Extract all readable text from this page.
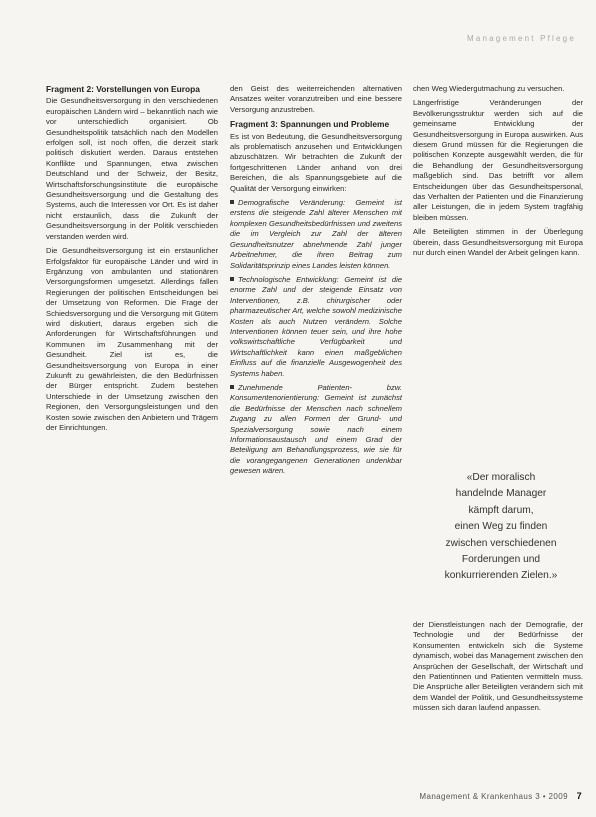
Management Pflege
Fragment 2: Vorstellungen von Europa

Die Gesundheitsversorgung in den verschiedenen europäischen Ländern wird – bekanntlich nach wie vor unterschiedlich organisiert. Ob Gesundheitspolitik tatsächlich nach den Modellen erfolgen soll, ist noch offen, die derzeit stark politisch diskutiert werden. Daraus entstehen Konflikte und Spannungen, etwa zwischen Deutschland und der Schweiz, der Besitz, Wirtschaftsforschungsinstitute die europäische Gesundheitsversorgung und die Gestaltung des Systems, auch die Interessen vor Ort. Es ist daher nicht erstaunlich, dass die Zukunft der Gesundheitsversorgung in der Politik verschieden verstanden werden wird.

Die Gesundheitsversorgung ist ein erstaunlicher Erfolgsfaktor für europäische Länder und wird in Ergänzung von ambulanten und stationären Versorgungsformen umgesetzt. Allerdings fallen Regierungen der politischen Entscheidungen bei der Umsetzung von Reformen. Die Frage der Schiedsversorgung und die Versorgung mit Gütern wird diskutiert, daraus ergeben sich die Anforderungen für Wirtschaftsführungen und Kommunen im Zusammenhang mit der Gesundheit. Ziel ist es, die Gesundheitsversorgung von Europa in einer Zukunft zu gewährleisten, die den Bedürfnissen der Bürger entspricht. Zudem bestehen Unterschiede in der Umsetzung zwischen den Regionen, den Versorgungsleistungen und den Kosten sowie zwischen den Anbietern und Trägern der Einrichtungen.

den Geist des weiterreichenden alternativen Ansatzes weiter voranzutreiben und eine bessere Versorgung anzustreben.

Fragment 3: Spannungen und Probleme

Es ist von Bedeutung, die Gesundheitsversorgung als problematisch anzusehen und Entwicklungen abzuschätzen. Wir betrachten die Zukunft der fortgeschrittenen Länder anhand von drei Bereichen, die als Spannungsgebiete auf die Qualität der Versorgung einwirken:

Demografische Veränderung: Gemeint ist erstens die steigende Zahl älterer Menschen mit komplexen Gesundheitsbedürfnissen und zweitens die im Vergleich zur Zahl der älteren Gesundheitsnutzer abnehmende Zahl junger Arbeitnehmer, die ihren Beitrag zum Solidaritätsprinzip eines Landes leisten können.

Technologische Entwicklung: Gemeint ist die enorme Zahl und der steigende Einsatz von Interventionen, z.B. chirurgischer oder pharmazeutischer Art, welche sowohl medizinische Kosten als auch Nutzen verändern. Solche Interventionen können teuer sein, und ihre hohe volkswirtschaftliche Verfügbarkeit und Wirtschaftlichkeit kann einen maßgeblichen Einfluss auf die finanzielle Ausgewogenheit des Systems haben.

Zunehmende Patienten- bzw. Konsumentenorientierung: Gemeint ist zunächst die Bedürfnisse der Menschen nach schnellem Zugang zu allen Formen der Grund- und Spezialversorgung sowie nach einem Informationsaustausch und einem Grad der Beteiligung am Behandlungsprozess, wie sie für die vorangegangenen Generationen undenkbar gewesen wären.

chen Weg Wiedergutmachung zu versuchen.

Längerfristige Veränderungen der Bevölkerungsstruktur werden sich auf die gemeinsame Entwicklung der Gesundheitsversorgung in Europa auswirken. Aus diesem Grund müssen für die Regierungen die politischen Konzepte ausgewählt werden, die für die Behandlung der Gesundheitsversorgung maßgeblich sind. Das betrifft vor allem Entscheidungen über das Gesundheitspersonal, das Verhalten der Patienten und die Finanzierung aller Leistungen, die in jedem System tragfähig bleiben müssen.

Alle Beteiligten stimmen in der Überlegung überein, dass Gesundheitsversorgung mit Europa nur durch einen Wandel der Arbeit gelingen kann.

«Der moralisch
handelnde Manager
kämpft darum,
einen Weg zu finden
zwischen verschiedenen
Forderungen und
konkurrierenden Zielen.»

der Dienstleistungen nach der Demografie, der Technologie und der Bedürfnisse der Konsumenten entwickeln sich die Systeme dynamisch, wobei das Management zwischen den Ansprüchen der Gesellschaft, der Wirtschaft und den Patientinnen und Patienten vermitteln muss. Die Ansprüche aller Beteiligten verändern sich mit dem Wandel der Politik, und Gesundheitssysteme müssen sich daran laufend anpassen.

Management & Krankenhaus 3 • 2009 7
